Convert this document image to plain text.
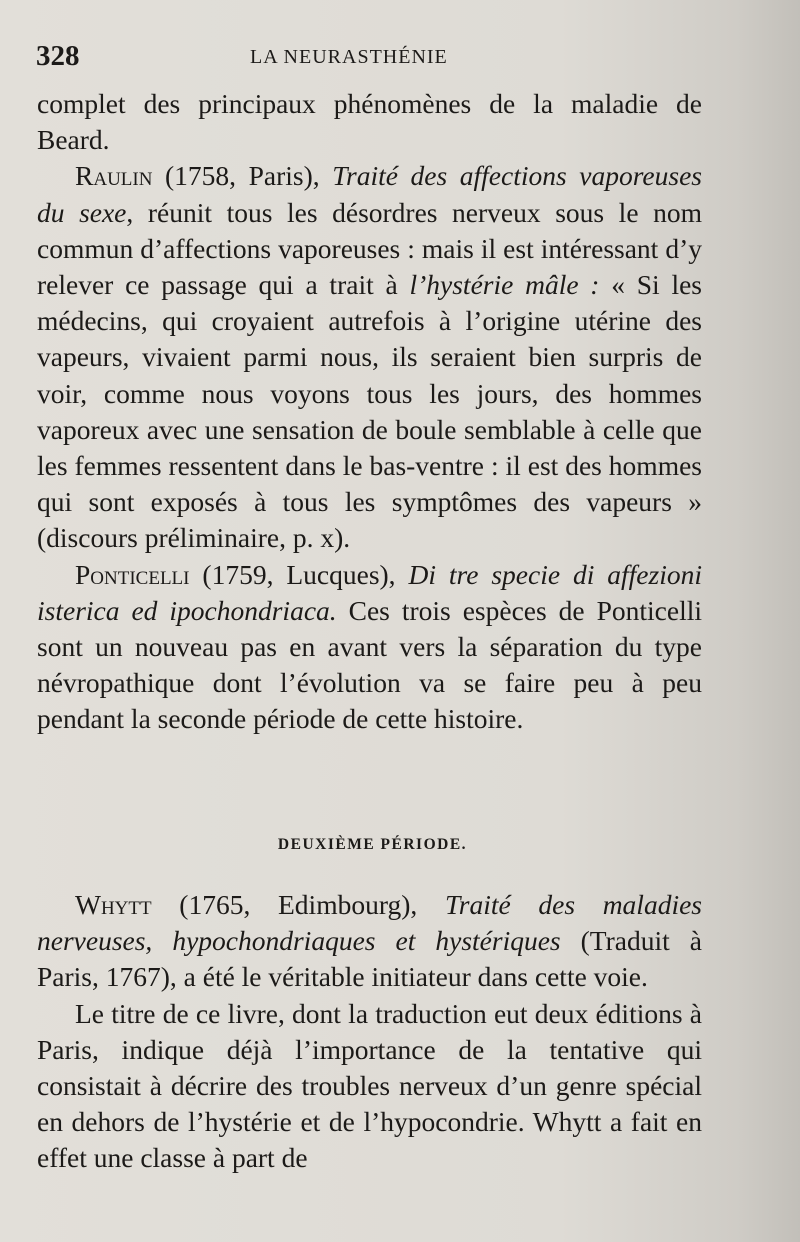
328	LA NEURASTHÉNIE

complet des principaux phénomènes de la maladie de Beard.

Raulin (1758, Paris), Traité des affections vaporeuses du sexe, réunit tous les désordres nerveux sous le nom commun d’affections vaporeuses : mais il est intéressant d’y relever ce passage qui a trait à l’hystérie mâle : « Si les médecins, qui croyaient autrefois à l’origine utérine des vapeurs, vivaient parmi nous, ils seraient bien surpris de voir, comme nous voyons tous les jours, des hommes vaporeux avec une sensation de boule semblable à celle que les femmes ressentent dans le bas-ventre : il est des hommes qui sont exposés à tous les symptômes des vapeurs » (discours préliminaire, p. x).

Ponticelli (1759, Lucques), Di tre specie di affezioni isterica ed ipochondriaca. Ces trois espèces de Ponticelli sont un nouveau pas en avant vers la séparation du type névropathique dont l’évolution va se faire peu à peu pendant la seconde période de cette histoire.

DEUXIÈME PÉRIODE.

Whytt (1765, Edimbourg), Traité des maladies nerveuses, hypochondriaques et hystériques (Traduit à Paris, 1767), a été le véritable initiateur dans cette voie.

Le titre de ce livre, dont la traduction eut deux éditions à Paris, indique déjà l’importance de la tentative qui consistait à décrire des troubles nerveux d’un genre spécial en dehors de l’hystérie et de l’hypocondrie. Whytt a fait en effet une classe à part de
